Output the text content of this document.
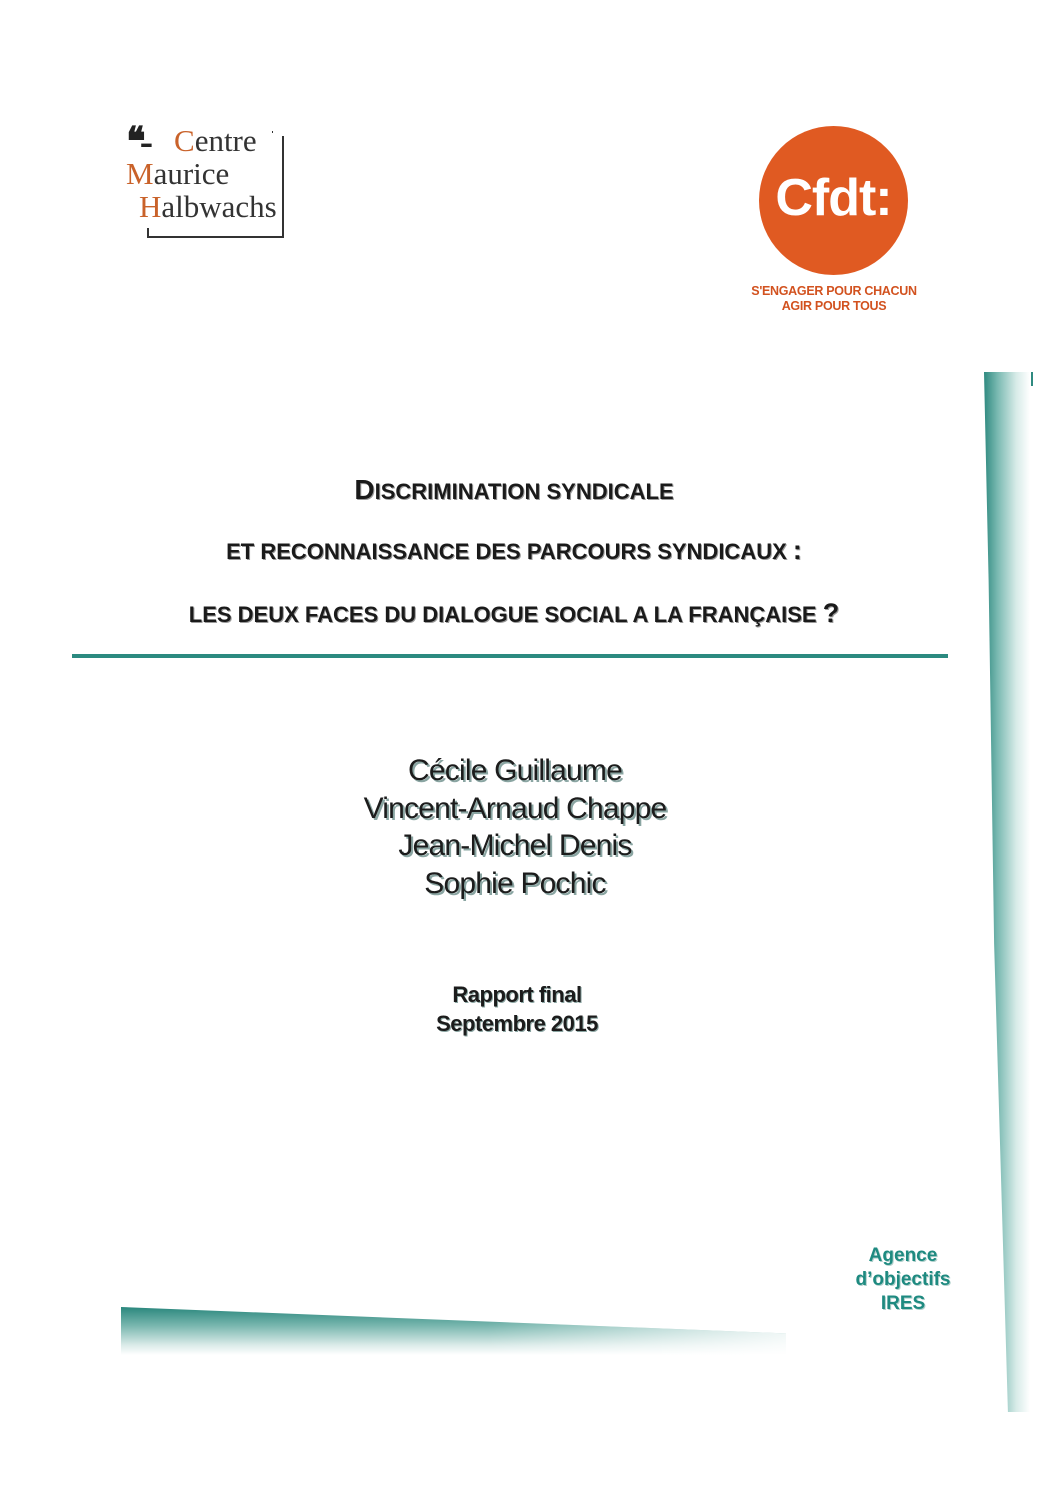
❛❛- Centre
Maurice
Halbwachs	Cfdt:
S'ENGAGER POUR CHACUN
AGIR POUR TOUS
DISCRIMINATION SYNDICALE
ET RECONNAISSANCE DES PARCOURS SYNDICAUX :
LES DEUX FACES DU DIALOGUE SOCIAL A LA FRANÇAISE ?
Cécile Guillaume
Vincent-Arnaud Chappe
Jean-Michel Denis
Sophie Pochic
Rapport final
Septembre 2015
Agence
d’objectifs
IRES
